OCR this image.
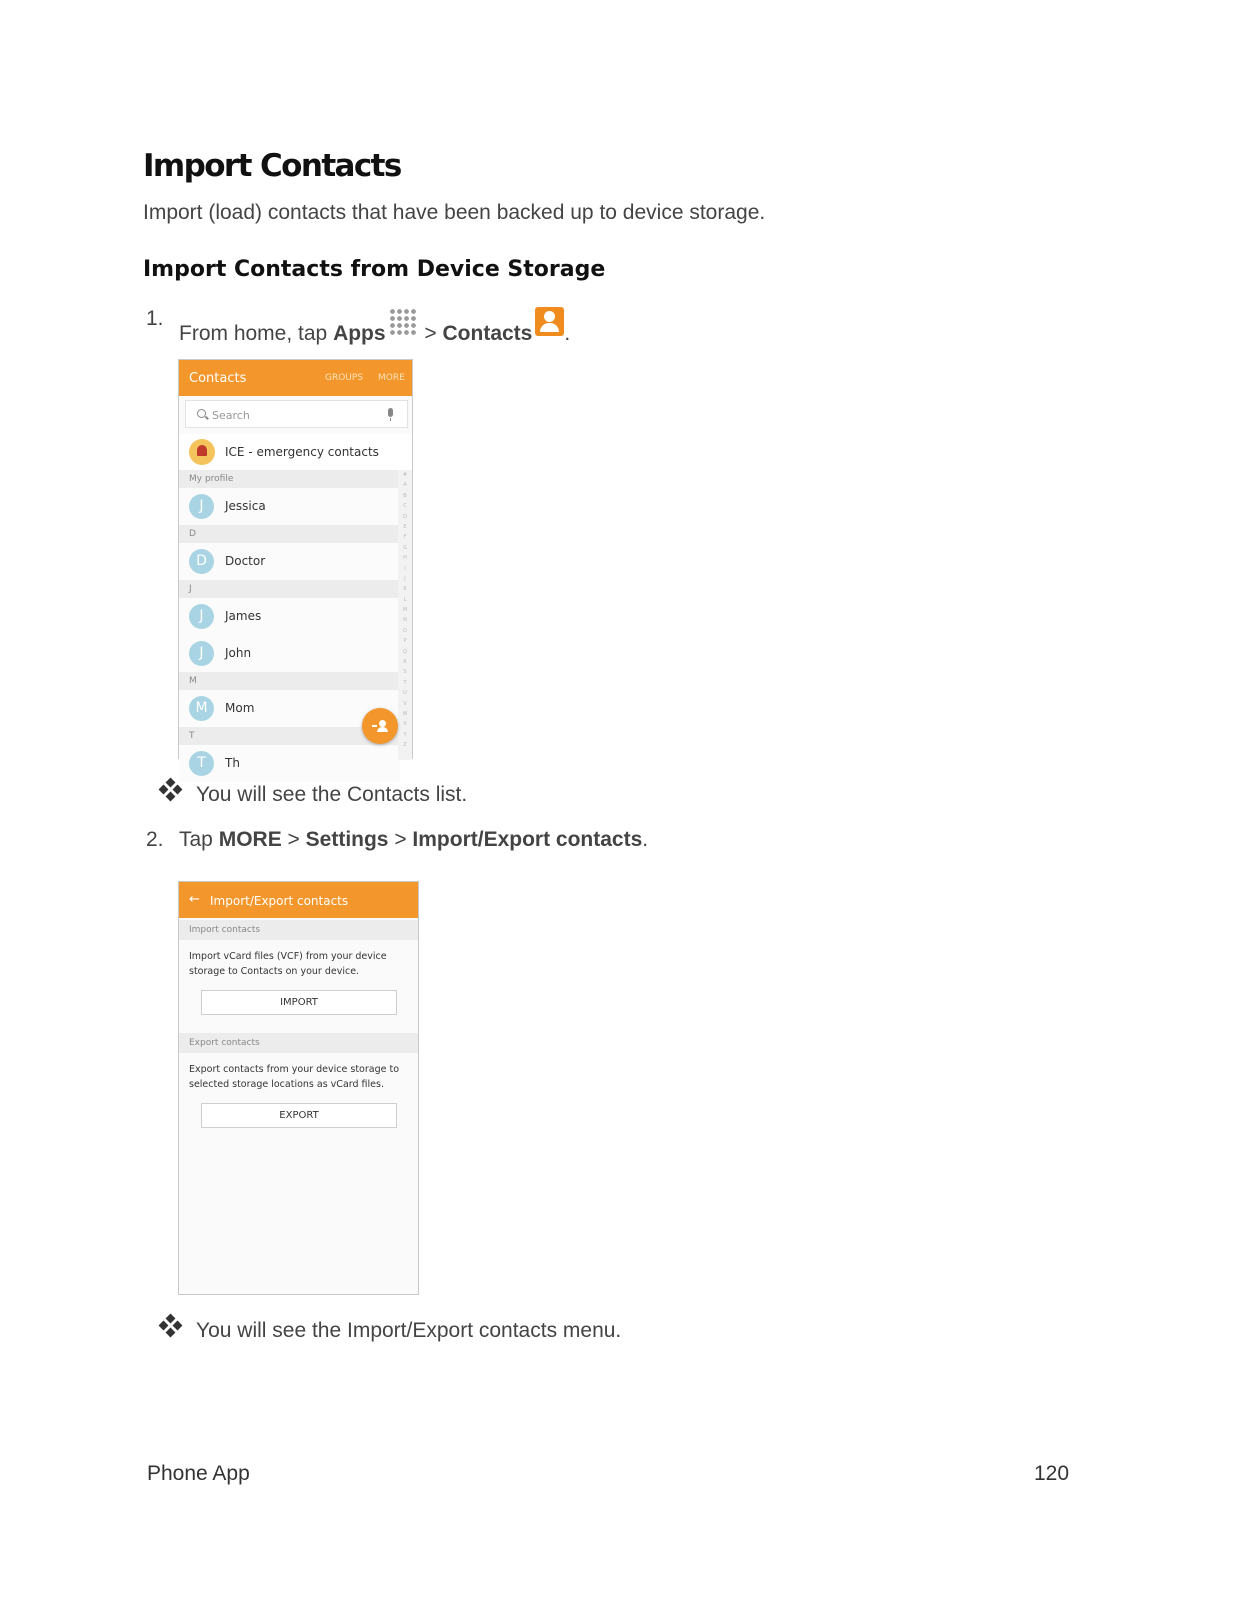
Import Contacts
Import (load) contacts that have been backed up to device storage.
Import Contacts from Device Storage
1.
From home, tap Apps > Contacts .
Contacts	GROUPS MORE
Search
ICE - emergency contacts
My profile
J	Jessica
D
D	Doctor
J
J	James
J	John
M
M	Mom
T
T	Th
#
A
B
C
D
E
F
G
H
I
J
K
L
M
N
O
P
Q
R
S
T
U
V
W
X
Y
Z
You will see the Contacts list.
2. Tap MORE > Settings > Import/Export contacts.
← Import/Export contacts
Import contacts
Import vCard files (VCF) from your device storage to Contacts on your device.
IMPORT
Export contacts
Export contacts from your device storage to selected storage locations as vCard files.
EXPORT
You will see the Import/Export contacts menu.
Phone App	120
